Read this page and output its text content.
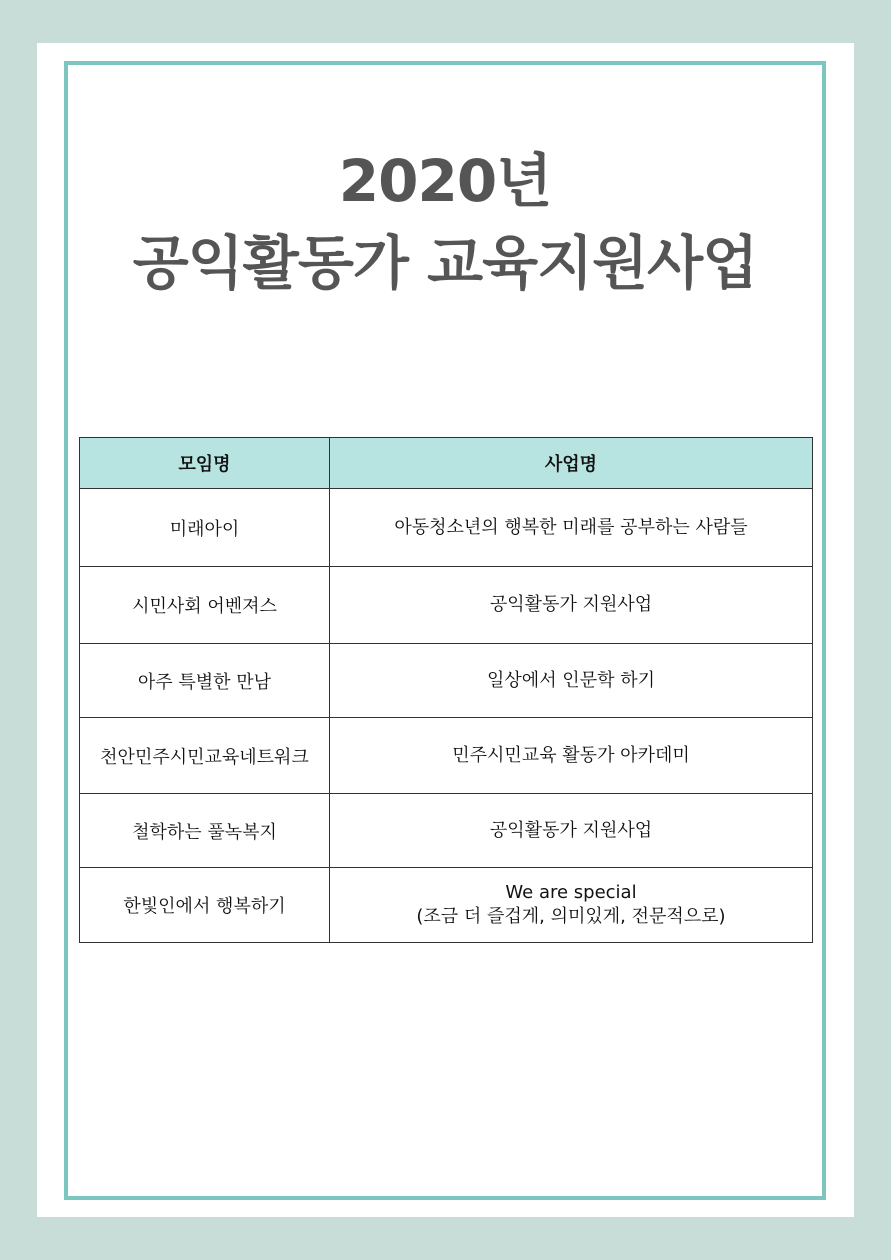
2020년
공익활동가 교육지원사업
모임명	사업명
미래아이	아동청소년의 행복한 미래를 공부하는 사람들

시민사회 어벤져스	공익활동가 지원사업

아주 특별한 만남	일상에서 인문학 하기

천안민주시민교육네트워크	민주시민교육 활동가 아카데미

철학하는 풀녹복지	공익활동가 지원사업

한빛인에서 행복하기	We are special
(조금 더 즐겁게, 의미있게, 전문적으로)
